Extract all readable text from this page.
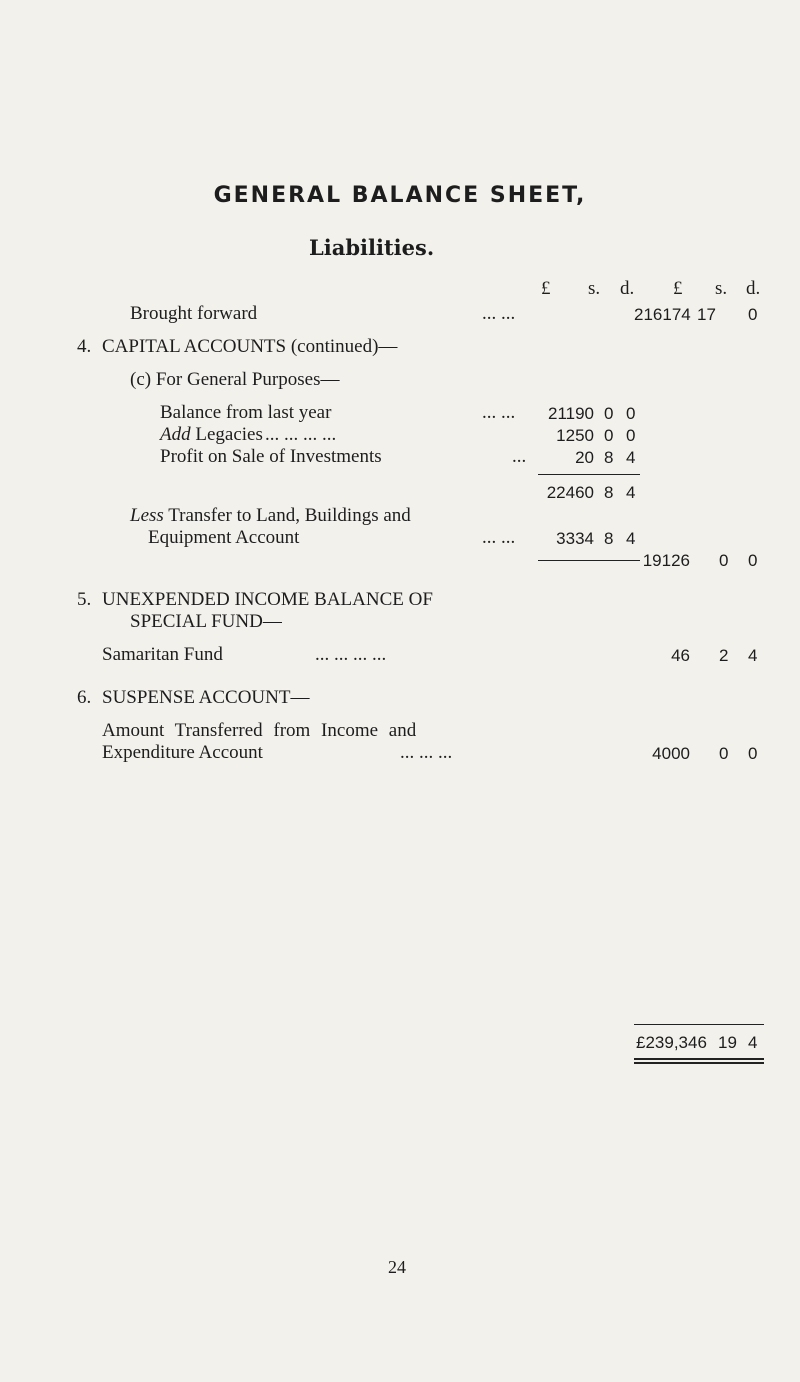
GENERAL BALANCE SHEET,
Liabilities.
£ s. d. £ s. d.
Brought forward	... ...	216174 17 0
4. CAPITAL ACCOUNTS (continued)—
(c) For General Purposes—
Balance from last year	... ...	21190 0 0
Add Legacies ... ... ... ...	1250 0 0
Profit on Sale of Investments	...	20 8 4
22460 8 4
Less Transfer to Land, Buildings and
Equipment Account	... ...	3334 8 4
19126 0 0
5. UNEXPENDED INCOME BALANCE OF
SPECIAL FUND—
Samaritan Fund	... ... ... ...	46 2 4
6. SUSPENSE ACCOUNT—
Amount Transferred from Income and
Expenditure Account	... ... ...	4000 0 0
£239,346 19 4
24
